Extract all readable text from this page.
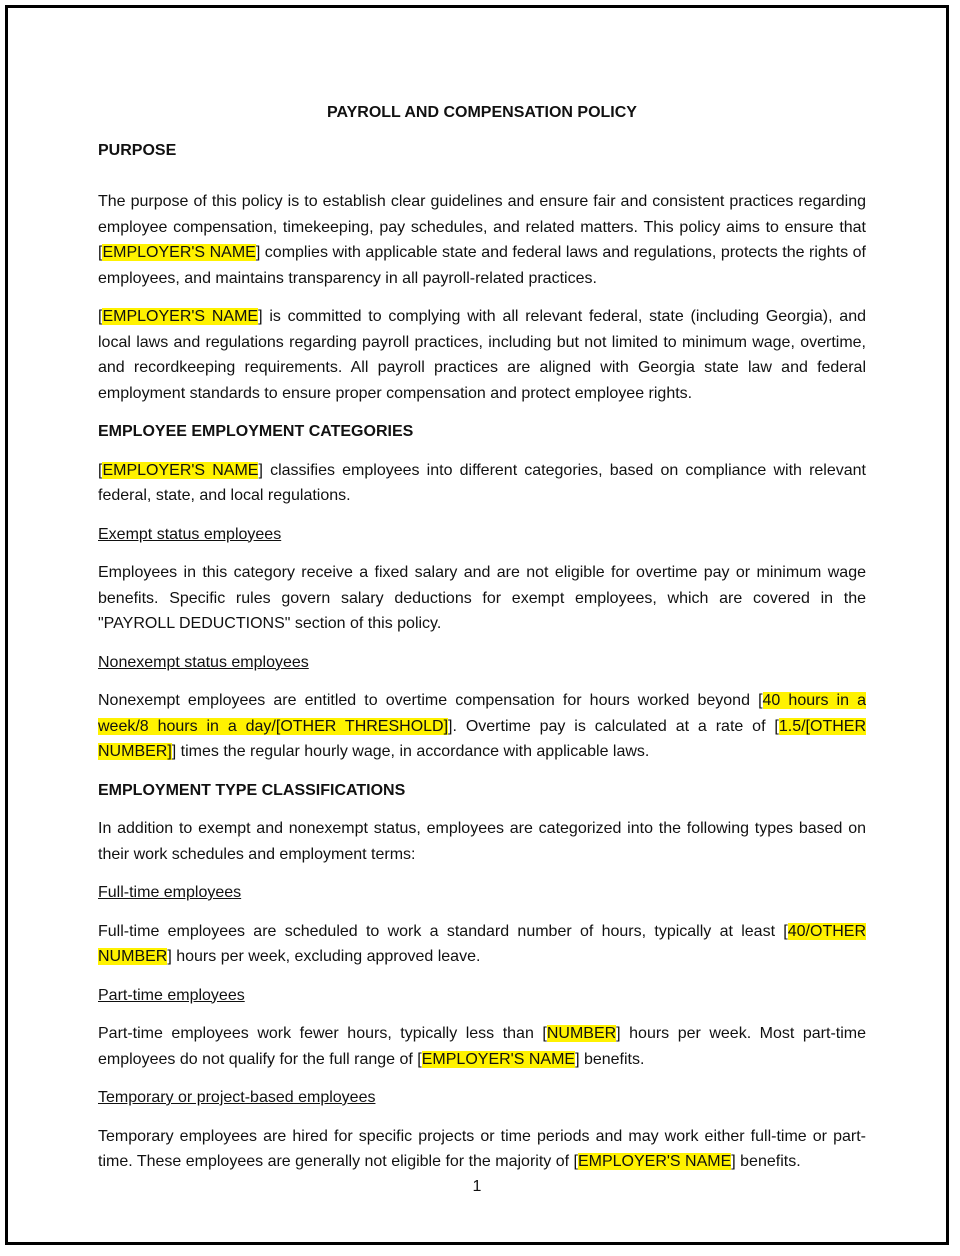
PAYROLL AND COMPENSATION POLICY
PURPOSE
The purpose of this policy is to establish clear guidelines and ensure fair and consistent practices regarding employee compensation, timekeeping, pay schedules, and related matters. This policy aims to ensure that [EMPLOYER'S NAME] complies with applicable state and federal laws and regulations, protects the rights of employees, and maintains transparency in all payroll-related practices.
[EMPLOYER'S NAME] is committed to complying with all relevant federal, state (including Georgia), and local laws and regulations regarding payroll practices, including but not limited to minimum wage, overtime, and recordkeeping requirements. All payroll practices are aligned with Georgia state law and federal employment standards to ensure proper compensation and protect employee rights.
EMPLOYEE EMPLOYMENT CATEGORIES
[EMPLOYER'S NAME] classifies employees into different categories, based on compliance with relevant federal, state, and local regulations.
Exempt status employees
Employees in this category receive a fixed salary and are not eligible for overtime pay or minimum wage benefits. Specific rules govern salary deductions for exempt employees, which are covered in the "PAYROLL DEDUCTIONS" section of this policy.
Nonexempt status employees
Nonexempt employees are entitled to overtime compensation for hours worked beyond [40 hours in a week/8 hours in a day/[OTHER THRESHOLD]]. Overtime pay is calculated at a rate of [1.5/[OTHER NUMBER]] times the regular hourly wage, in accordance with applicable laws.
EMPLOYMENT TYPE CLASSIFICATIONS
In addition to exempt and nonexempt status, employees are categorized into the following types based on their work schedules and employment terms:
Full-time employees
Full-time employees are scheduled to work a standard number of hours, typically at least [40/OTHER NUMBER] hours per week, excluding approved leave.
Part-time employees
Part-time employees work fewer hours, typically less than [NUMBER] hours per week. Most part-time employees do not qualify for the full range of [EMPLOYER'S NAME] benefits.
Temporary or project-based employees
Temporary employees are hired for specific projects or time periods and may work either full-time or part-time. These employees are generally not eligible for the majority of [EMPLOYER'S NAME] benefits.
1
